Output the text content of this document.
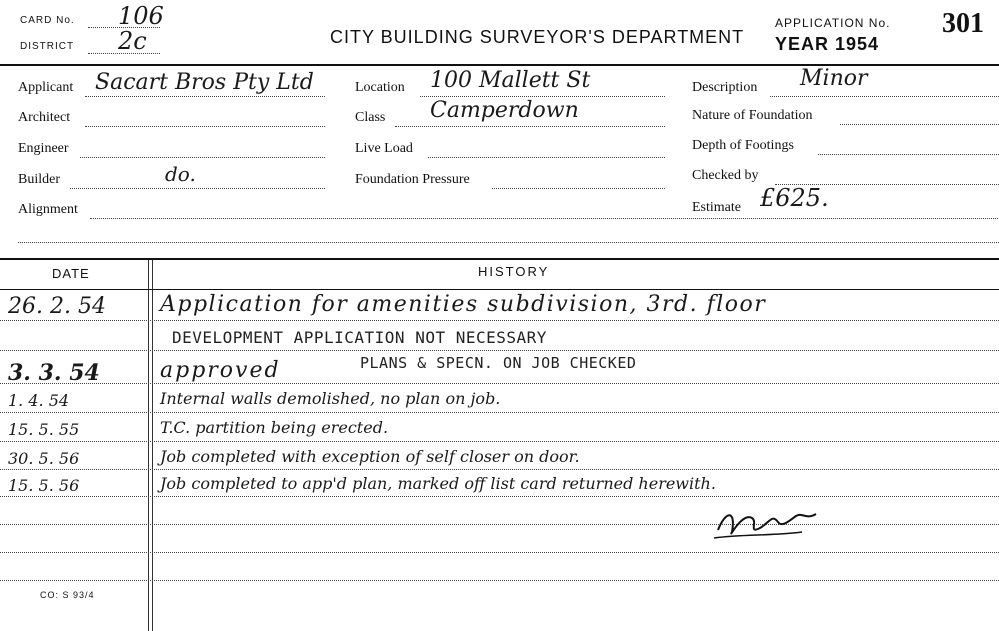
CARD No. 106
DISTRICT 2c	CITY BUILDING SURVEYOR'S DEPARTMENT
APPLICATION No. 301
YEAR 1954
Applicant Sacart Bros Pty Ltd
Architect
Engineer
Builder	do.
Alignment
Location 100 Mallett St
Class Camperdown
Live Load
Foundation Pressure
Description Minor
Nature of Foundation
Depth of Footings
Checked by
Estimate £625.
DATE	HISTORY
26. 2. 54 Application for amenities subdivision, 3rd. floor
DEVELOPMENT APPLICATION NOT NECESSARY
3. 3. 54	approved	PLANS & SPECN. ON JOB CHECKED
1. 4. 54	Internal walls demolished, no plan on job.
15. 5. 55	T.C. partition being erected.
30. 5. 56	Job completed with exception of self closer on door.
15. 5. 56	Job completed to app'd plan, marked off list card returned herewith.
CO: S 93/4
